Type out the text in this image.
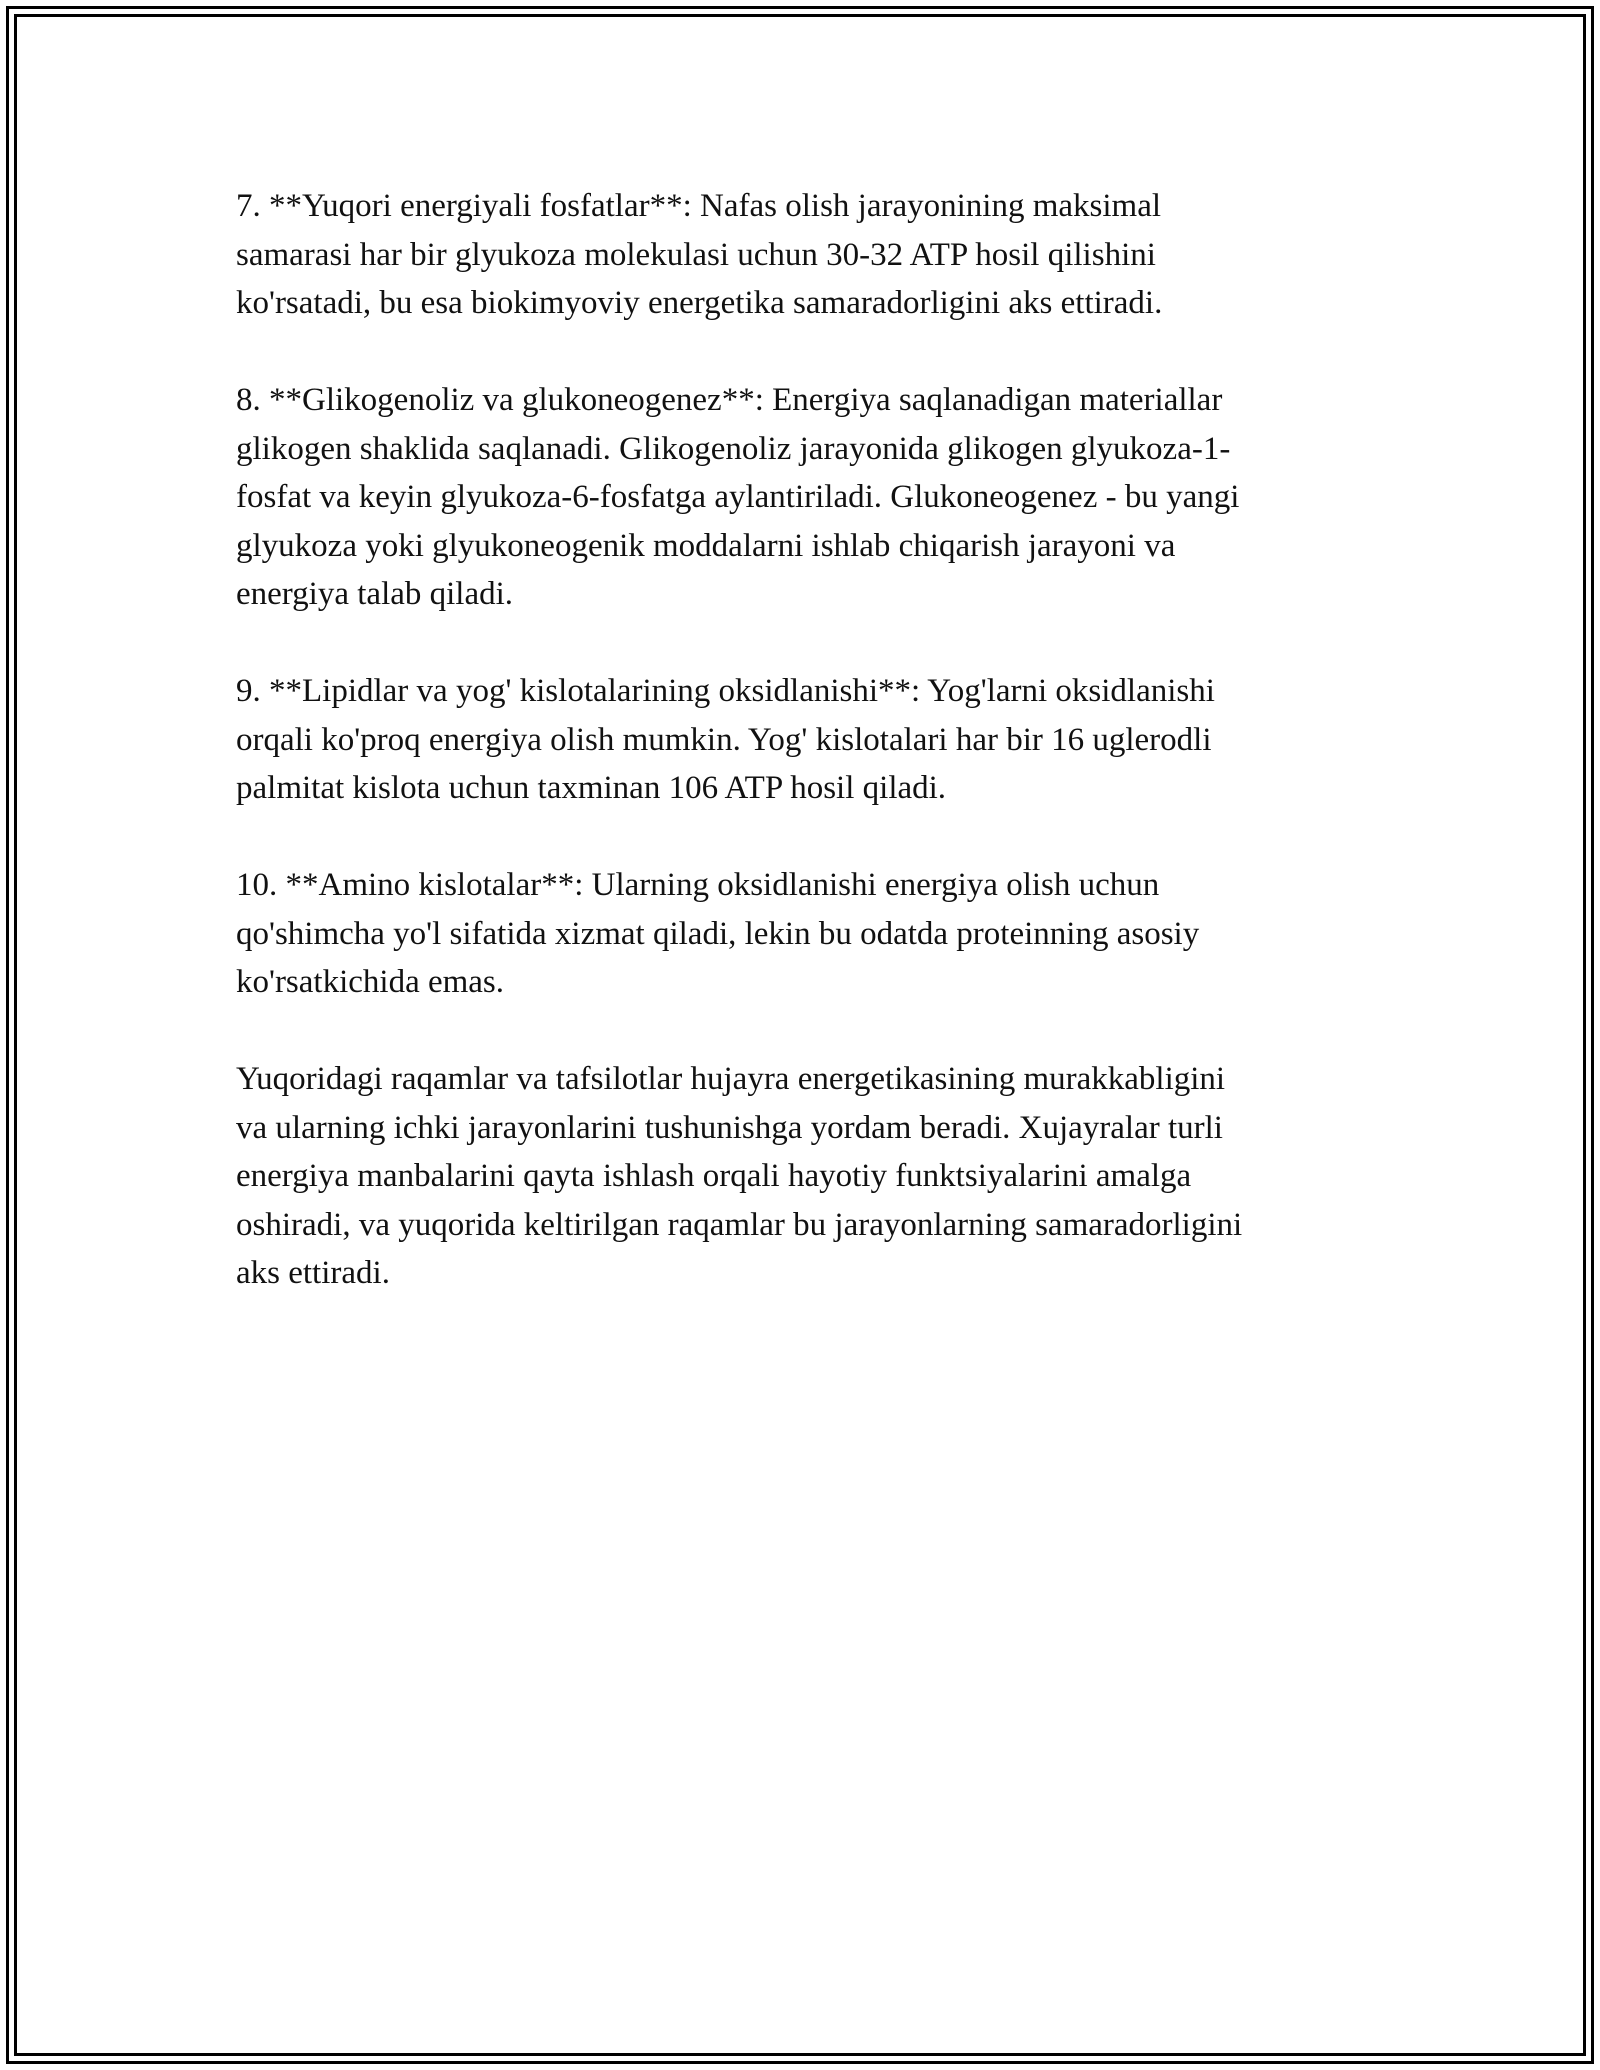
7. **Yuqori energiyali fosfatlar**: Nafas olish jarayonining maksimal
samarasi har bir glyukoza molekulasi uchun 30-32 ATP hosil qilishini
ko'rsatadi, bu esa biokimyoviy energetika samaradorligini aks ettiradi.

8. **Glikogenoliz va glukoneogenez**: Energiya saqlanadigan materiallar
glikogen shaklida saqlanadi. Glikogenoliz jarayonida glikogen glyukoza-1-
fosfat va keyin glyukoza-6-fosfatga aylantiriladi. Glukoneogenez - bu yangi
glyukoza yoki glyukoneogenik moddalarni ishlab chiqarish jarayoni va
energiya talab qiladi.

9. **Lipidlar va yog' kislotalarining oksidlanishi**: Yog'larni oksidlanishi
orqali ko'proq energiya olish mumkin. Yog' kislotalari har bir 16 uglerodli
palmitat kislota uchun taxminan 106 ATP hosil qiladi.

10. **Amino kislotalar**: Ularning oksidlanishi energiya olish uchun
qo'shimcha yo'l sifatida xizmat qiladi, lekin bu odatda proteinning asosiy
ko'rsatkichida emas.

Yuqoridagi raqamlar va tafsilotlar hujayra energetikasining murakkabligini
va ularning ichki jarayonlarini tushunishga yordam beradi. Xujayralar turli
energiya manbalarini qayta ishlash orqali hayotiy funktsiyalarini amalga
oshiradi, va yuqorida keltirilgan raqamlar bu jarayonlarning samaradorligini
aks ettiradi.
